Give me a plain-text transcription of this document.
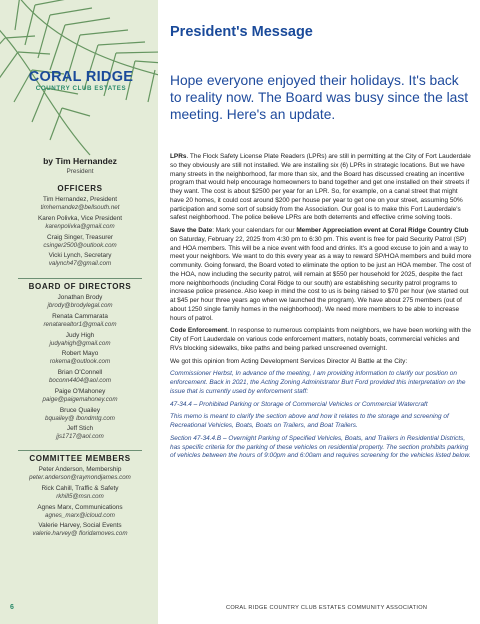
CORAL RIDGE
COUNTRY CLUB ESTATES
by Tim Hernandez
President
OFFICERS
Tim Hernandez, President
timhernandez@bellsouth.net
Karen Polivka, Vice President
karenpolivka@gmail.com
Craig Singer, Treasurer
csinger2500@outlook.com
Vicki Lynch, Secretary
valynch47@gmail.com
BOARD OF DIRECTORS
Jonathan Brody
jbrody@brodylegal.com
Renata Cammarata
renatarealtor1@gmail.com
Judy High
judyahigh@gmail.com
Robert Mayo
rokema@outlook.com
Brian O'Connell
boconn4404@aol.com
Paige O'Mahoney
paige@paigemahoney.com
Bruce Quailey
bquailey@ lbondmtg.com
Jeff Stich
jjs1717@aol.com
COMMITTEE MEMBERS
Peter Anderson, Membership
peter.anderson@raymondjames.com
Rick Cahill, Traffic & Safety
rkhill5@msn.com
Agnes Marx, Communications
agnes_marx@icloud.com
Valerie Harvey, Social Events
valerie.harvey@ floridamoves.com
6
President's Message
Hope everyone enjoyed their holidays. It's back to reality now. The Board was busy since the last meeting. Here's an update.

LPRs. The Flock Safety License Plate Readers (LPRs) are still in permitting at the City of Fort Lauderdale so they obviously are still not installed. We are installing six (6) LPRs in strategic locations. But we have many streets in the neighborhood, far more than six, and the Board has discussed creating an incentive program that would help encourage homeowners to band together and get one installed on their streets if they want. The cost is about $2500 per year for an LPR. So, for example, on a canal street that might have 20 homes, it could cost around $200 per house per year to get one on your street, assuming 50% participation and some sort of subsidy from the Association. Our goal is to make this Fort Lauderdale's safest neighborhood. The police believe LPRs are both deterrents and effective crime solving tools.

Save the Date: Mark your calendars for our Member Appreciation event at Coral Ridge Country Club on Saturday, February 22, 2025 from 4:30 pm to 6:30 pm. This event is free for paid Security Patrol (SP) and HOA members. This will be a nice event with food and drinks. It's a good excuse to join and a way to meet your neighbors. We want to do this every year as a way to reward SP/HOA members and build more community. Going forward, the Board voted to eliminate the option to be just an HOA member. The cost of the HOA, now including the security patrol, will remain at $550 per household for 2025, despite the fact more neighborhoods (including Coral Ridge to our south) are establishing security patrol programs to increase police presence. Also keep in mind the cost to us is being raised to $70 per hour (we started out at $45 per hour three years ago when we launched the program). We have about 275 members (out of about 1250 single family homes in the neighborhood). We need more members to be able to increase hours of patrol.

Code Enforcement. In response to numerous complaints from neighbors, we have been working with the City of Fort Lauderdale on various code enforcement matters, notably boats, commercial vehicles and RVs blocking sidewalks, bike paths and being parked unscreened overnight.

We got this opinion from Acting Development Services Director Al Battle at the City:

Commissioner Herbst, In advance of the meeting, I am providing information to clarify our position on enforcement. Back in 2021, the Acting Zoning Administrator Burt Ford provided this interpretation on the issue that is currently used by enforcement staff:

47-34.4 – Prohibited Parking or Storage of Commercial Vehicles or Commercial Watercraft

This memo is meant to clarify the section above and how it relates to the storage and screening of Recreational Vehicles, Boats, Boats on Trailers, and Boat Trailers.

Section 47-34.4.B – Overnight Parking of Specified Vehicles, Boats, and Trailers in Residential Districts, has specific criteria for the parking of these vehicles on residential property. The section prohibits parking of vehicles between the hours of 9:00pm and 6:00am and requires screening for the vehicles listed below.

CORAL RIDGE COUNTRY CLUB ESTATES COMMUNITY ASSOCIATION
